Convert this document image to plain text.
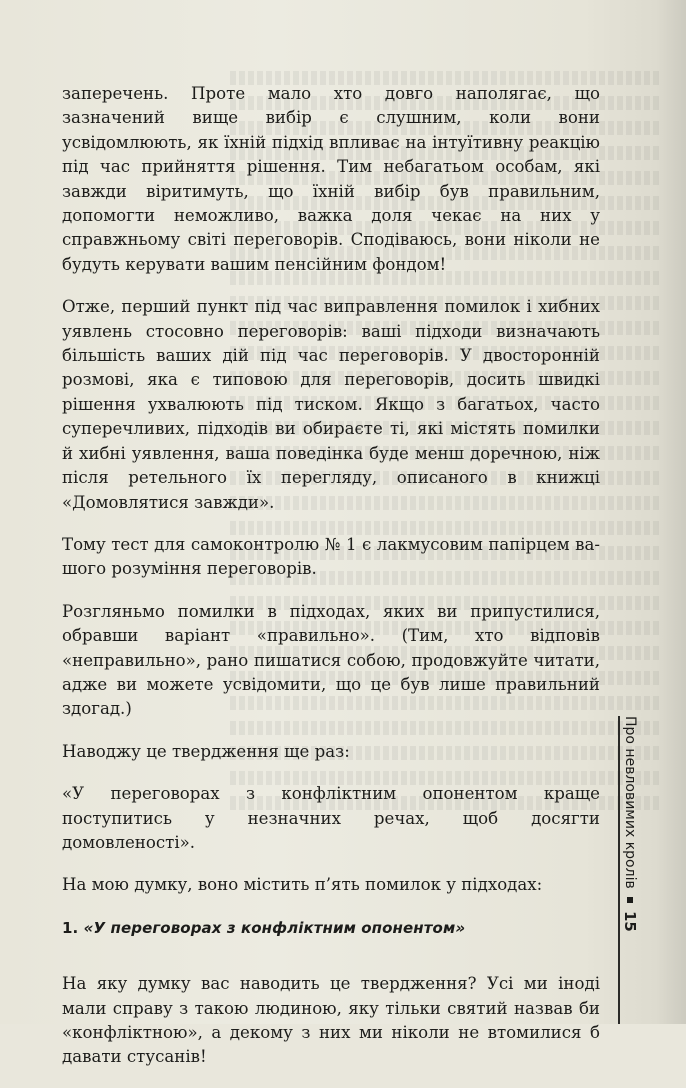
заперечень. Проте мало хто довго наполягає, що зазначений вище вибір є слушним, коли вони усвідомлюють, як їхній підхід впливає на інтуїтивну реакцію під час прийняття рішення. Тим небагатьом особам, які завжди віритимуть, що їхній вибір був правильним, допомогти неможливо, важка доля чекає на них у справжньому світі переговорів. Сподіваюсь, вони ніколи не будуть керувати вашим пенсійним фондом!

Отже, перший пункт під час виправлення помилок і хибних уявлень стосовно переговорів: ваші підходи визначають більшість ваших дій під час переговорів. У двосторонній розмові, яка є типовою для переговорів, досить швидкі рішення ухвалюють під тиском. Якщо з багатьох, часто суперечливих, підходів ви обираєте ті, які містять помилки й хибні уявлення, ваша поведінка буде менш доречною, ніж після ретельного їх перегляду, описаного в книжці «Домовлятися завжди».

Тому тест для самоконтролю № 1 є лакмусовим папірцем вашого розуміння переговорів.

Розгляньмо помилки в підходах, яких ви припустилися, обравши варіант «правильно». (Тим, хто відповів «неправильно», рано пишатися собою, продовжуйте читати, адже ви можете усвідомити, що це був лише правильний здогад.)

Наводжу це твердження ще раз:

«У переговорах з конфліктним опонентом краще поступитись у незначних речах, щоб досягти домовленості».

На мою думку, воно містить п’ять помилок у підходах:

1. «У переговорах з конфліктним опонентом»

На яку думку вас наводить це твердження? Усі ми іноді мали справу з такою людиною, яку тільки святий назвав би «конфліктною», а декому з них ми ніколи не втомилися б давати стусанів!

Про невловимих кролів
15
